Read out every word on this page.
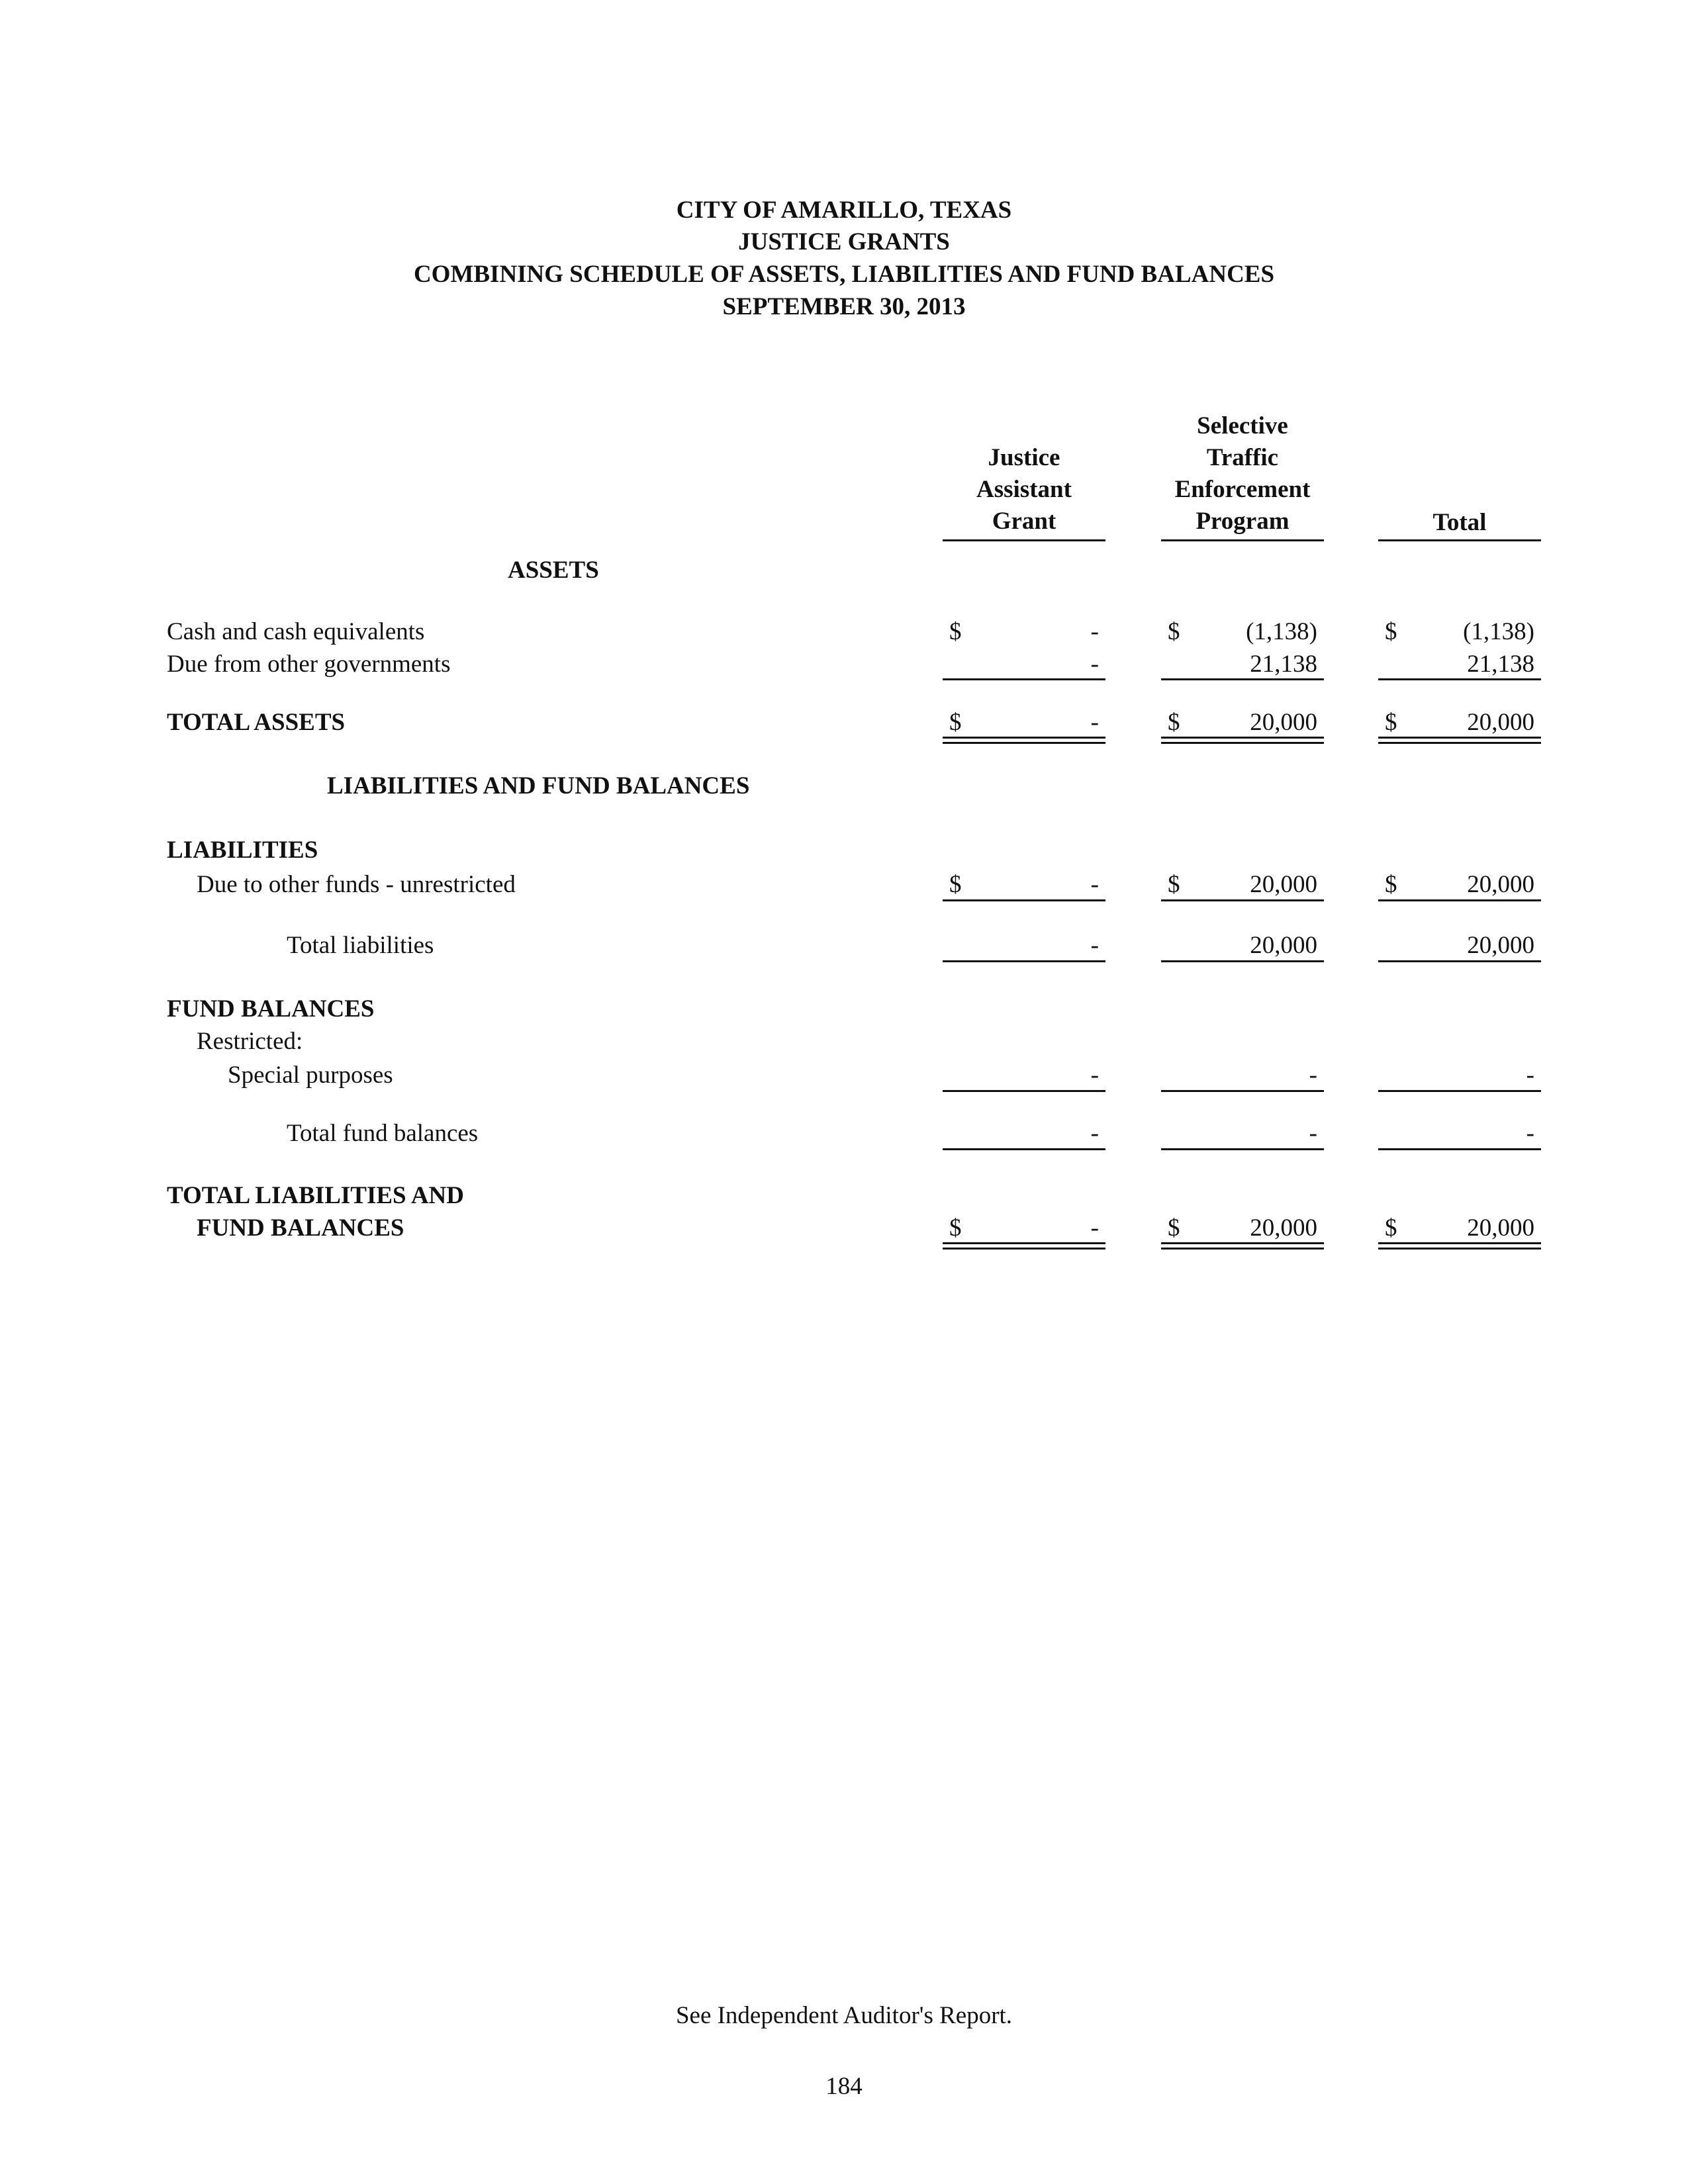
CITY OF AMARILLO, TEXAS
JUSTICE GRANTS
COMBINING SCHEDULE OF ASSETS, LIABILITIES AND FUND BALANCES
SEPTEMBER 30, 2013
Justice
Assistant
Grant
Selective
Traffic
Enforcement
Program	Total
ASSETS
Cash and cash equivalents	$	-	$	(1,138)	$	(1,138)
Due from other governments	-	21,138	21,138
TOTAL ASSETS	$	-	$	20,000	$	20,000
LIABILITIES AND FUND BALANCES
LIABILITIES
Due to other funds - unrestricted	$	-	$	20,000	$	20,000
Total liabilities	-	20,000	20,000
FUND BALANCES
Restricted:
Special purposes	-	-	-
Total fund balances	-	-	-
TOTAL LIABILITIES AND
FUND BALANCES	$	-	$	20,000	$	20,000
See Independent Auditor's Report.
184
